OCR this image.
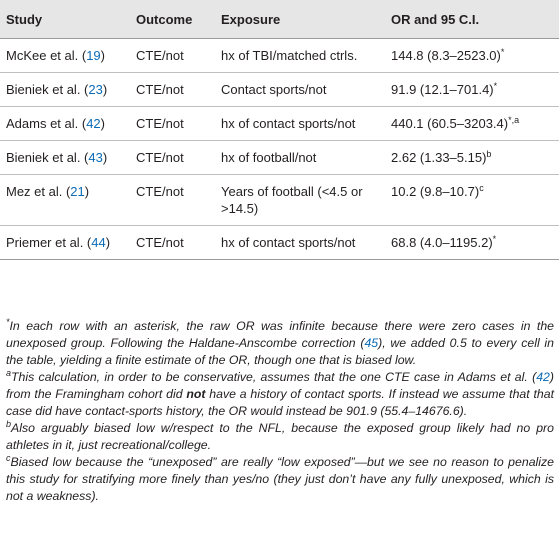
Study	Outcome	Exposure	OR and 95 C.I.
McKee et al. (19)	CTE/not	hx of TBI/matched ctrls.	144.8 (8.3–2523.0)*
Bieniek et al. (23)	CTE/not	Contact sports/not	91.9 (12.1–701.4)*
Adams et al. (42)	CTE/not	hx of contact sports/not	440.1 $(60.5-3203.4)^{*,a}$
Bieniek et al. (43)	CTE/not	hx of football/not	2.62 $(1.33-5.15)^b$
Mez et al. (21)	CTE/not	Years of football (<4.5 or >14.5)	10.2 $(9.8-10.7)^c$
Priemer et al. (44)	CTE/not	hx of contact sports/not	68.8 (4.0–1195.2)*

*In each row with an asterisk, the raw OR was infinite because there were zero cases in the unexposed group. Following the Haldane-Anscombe correction (45), we added 0.5 to every cell in the table, yielding a finite estimate of the OR, though one that is biased low.

$^a$This calculation, in order to be conservative, assumes that the one CTE case in Adams et al. (42) from the Framingham cohort did not have a history of contact sports. If instead we assume that that case did have contact-sports history, the OR would instead be 901.9 (55.4–14676.6).

$^b$Also arguably biased low w/respect to the NFL, because the exposed group likely had no pro athletes in it, just recreational/college.

$^c$Biased low because the “unexposed” are really “low exposed”—but we see no reason to penalize this study for stratifying more finely than yes/no (they just don’t have any fully unexposed, which is not a weakness).
